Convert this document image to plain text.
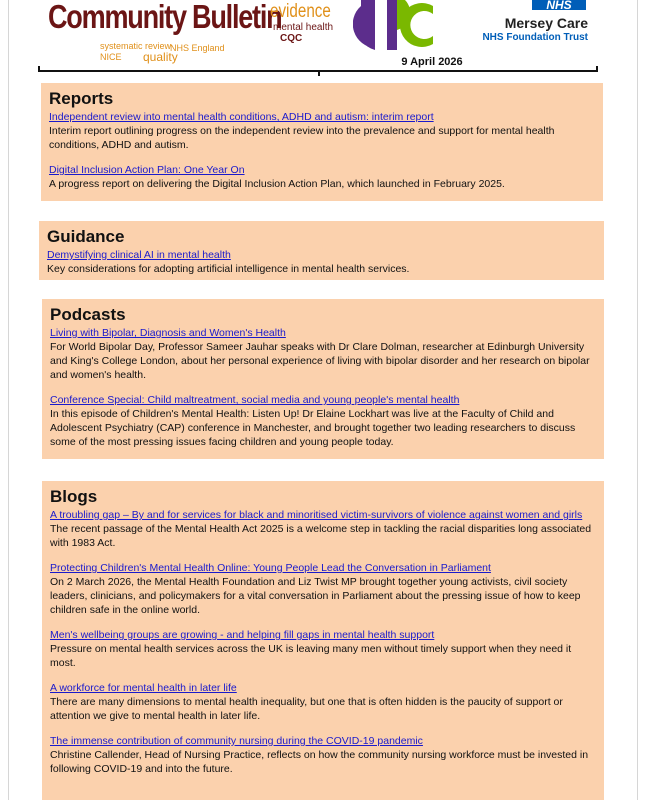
Community Bulletin
evidence
mental health
CQC
systematic review
NHS England
NICE quality	9 April 2026
NHS
Mersey Care
NHS Foundation Trust
Reports
Independent review into mental health conditions, ADHD and autism: interim report

Interim report outlining progress on the independent review into the prevalence and support for mental health conditions, ADHD and autism.

Digital Inclusion Action Plan: One Year On

A progress report on delivering the Digital Inclusion Action Plan, which launched in February 2025.

Guidance
Demystifying clinical AI in mental health

Key considerations for adopting artificial intelligence in mental health services.

Podcasts
Living with Bipolar, Diagnosis and Women's Health

For World Bipolar Day, Professor Sameer Jauhar speaks with Dr Clare Dolman, researcher at Edinburgh University and King's College London, about her personal experience of living with bipolar disorder and her research on bipolar and women's health.

Conference Special: Child maltreatment, social media and young people's mental health

In this episode of Children's Mental Health: Listen Up! Dr Elaine Lockhart was live at the Faculty of Child and Adolescent Psychiatry (CAP) conference in Manchester, and brought together two leading researchers to discuss some of the most pressing issues facing children and young people today.

Blogs
A troubling gap – By and for services for black and minoritised victim-survivors of violence against women and girls

The recent passage of the Mental Health Act 2025 is a welcome step in tackling the racial disparities long associated with 1983 Act.

Protecting Children's Mental Health Online: Young People Lead the Conversation in Parliament

On 2 March 2026, the Mental Health Foundation and Liz Twist MP brought together young activists, civil society leaders, clinicians, and policymakers for a vital conversation in Parliament about the pressing issue of how to keep children safe in the online world.

Men's wellbeing groups are growing - and helping fill gaps in mental health support

Pressure on mental health services across the UK is leaving many men without timely support when they need it most.

A workforce for mental health in later life

There are many dimensions to mental health inequality, but one that is often hidden is the paucity of support or attention we give to mental health in later life.

The immense contribution of community nursing during the COVID-19 pandemic

Christine Callender, Head of Nursing Practice, reflects on how the community nursing workforce must be invested in following COVID-19 and into the future.
